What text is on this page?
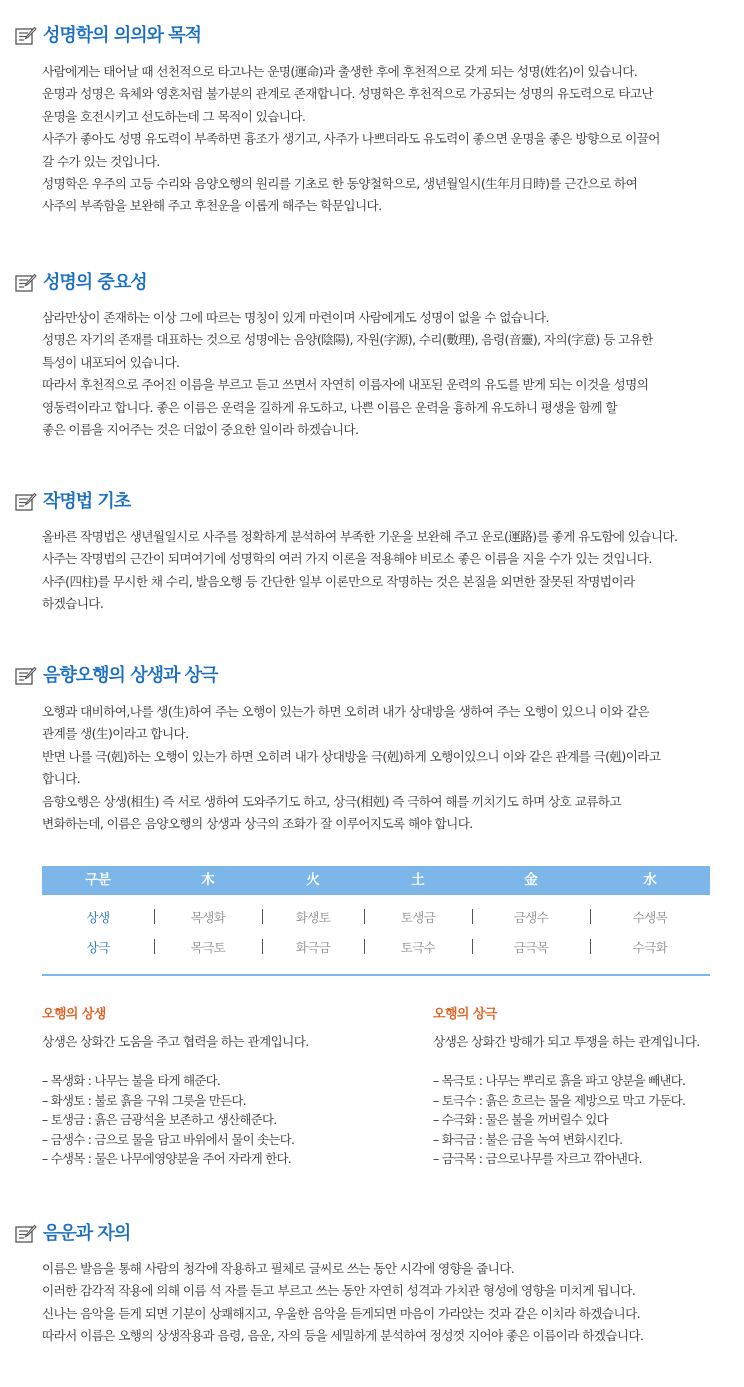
성명학의 의의와 목적

사람에게는 태어날 때 선천적으로 타고나는 운명(運命)과 출생한 후에 후천적으로 갖게 되는 성명(姓名)이 있습니다.

운명과 성명은 육체와 영혼처럼 불가분의 관계로 존재합니다. 성명학은 후천적으로 가공되는 성명의 유도력으로 타고난

운명을 호전시키고 선도하는데 그 목적이 있습니다.

사주가 좋아도 성명 유도력이 부족하면 흉조가 생기고, 사주가 나쁘더라도 유도력이 좋으면 운명을 좋은 방향으로 이끌어

갈 수가 있는 것입니다.

성명학은 우주의 고등 수리와 음양오행의 원리를 기초로 한 동양철학으로, 생년월일시(生年月日時)를 근간으로 하여

사주의 부족함을 보완해 주고 후천운을 이롭게 해주는 학문입니다.

성명의 중요성

삼라만상이 존재하는 이상 그에 따르는 명칭이 있게 마련이며 사람에게도 성명이 없을 수 없습니다.

성명은 자기의 존재를 대표하는 것으로 성명에는 음양(陰陽), 자원(字源), 수리(數理), 음령(音靈), 자의(字意) 등 고유한

특성이 내포되어 있습니다.

따라서 후천적으로 주어진 이름을 부르고 듣고 쓰면서 자연히 이름자에 내포된 운력의 유도를 받게 되는 이것을 성명의

영동력이라고 합니다. 좋은 이름은 운력을 길하게 유도하고, 나쁜 이름은 운력을 흉하게 유도하니 평생을 함께 할

좋은 이름을 지어주는 것은 더없이 중요한 일이라 하겠습니다.

작명법 기초

올바른 작명법은 생년월일시로 사주를 정확하게 분석하여 부족한 기운을 보완해 주고 운로(運路)를 좋게 유도함에 있습니다.

사주는 작명법의 근간이 되며여기에 성명학의 여러 가지 이론을 적용해야 비로소 좋은 이름을 지을 수가 있는 것입니다.

사주(四柱)를 무시한 채 수리, 발음오행 등 간단한 일부 이론만으로 작명하는 것은 본질을 외면한 잘못된 작명법이라

하겠습니다.

음향오행의 상생과 상극

오행과 대비하여,나를 생(生)하여 주는 오행이 있는가 하면 오히려 내가 상대방을 생하여 주는 오행이 있으니 이와 같은

관계를 생(生)이라고 합니다.

반면 나를 극(剋)하는 오행이 있는가 하면 오히려 내가 상대방을 극(剋)하게 오행이있으니 이와 같은 관계를 극(剋)이라고

합니다.

음향오행은 상생(相生) 즉 서로 생하여 도와주기도 하고, 상극(相剋) 즉 극하여 해를 끼치기도 하며 상호 교류하고

변화하는데, 이름은 음양오행의 상생과 상극의 조화가 잘 이루어지도록 해야 합니다.

구분	木	火	土	金	水
상생	목생화	화생토	토생금	금생수	수생목
상극	목극토	화극금	토극수	금극목	수극화
오행의 상생
상생은 상화간 도움을 주고 협력을 하는 관계입니다.
– 목생화 : 나무는 불을 타게 해준다.
– 화생토 : 불로 흙을 구워 그릇을 만든다.
– 토생금 : 흙은 금광석을 보존하고 생산해준다.
– 금생수 : 금으로 물을 담고 바위에서 물이 솟는다.
– 수생목 : 물은 나무에영양분을 주어 자라게 한다.
오행의 상극
상생은 상화간 방해가 되고 투쟁을 하는 관계입니다.
– 목극토 : 나무는 뿌리로 흙을 파고 양분을 빼낸다.
– 토극수 : 흙은 흐르는 물을 제방으로 막고 가둔다.
– 수극화 : 물은 불을 꺼버릴수 있다
– 화극금 : 불은 금을 녹여 변화시킨다.
– 금극목 : 금으로나무를 자르고 깎아낸다.
음운과 자의

이름은 발음을 통해 사람의 청각에 작용하고 필체로 글씨로 쓰는 동안 시각에 영향을 줍니다.

이러한 감각적 작용에 의해 이름 석 자를 듣고 부르고 쓰는 동안 자연히 성격과 가치관 형성에 영향을 미치게 됩니다.

신나는 음악을 듣게 되면 기분이 상쾌해지고, 우울한 음악을 듣게되면 마음이 가라앉는 것과 같은 이치라 하겠습니다.

따라서 이름은 오행의 상생작용과 음령, 음운, 자의 등을 세밀하게 분석하여 정성껏 지어야 좋은 이름이라 하겠습니다.
